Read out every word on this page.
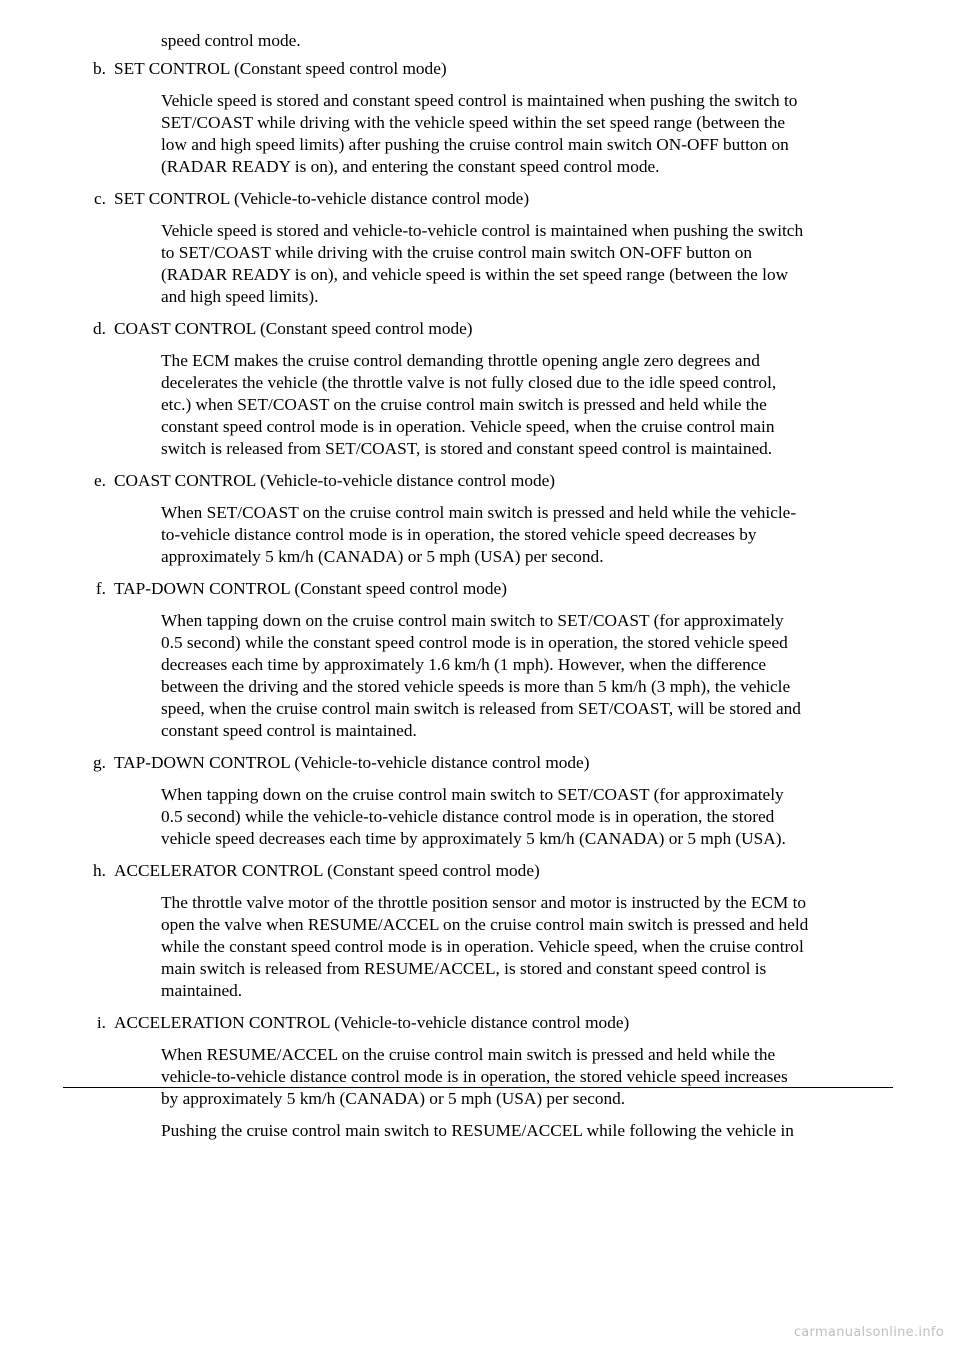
speed control mode.
b. SET CONTROL (Constant speed control mode)
Vehicle speed is stored and constant speed control is maintained when pushing the switch to
SET/COAST while driving with the vehicle speed within the set speed range (between the
low and high speed limits) after pushing the cruise control main switch ON-OFF button on
(RADAR READY is on), and entering the constant speed control mode.
c. SET CONTROL (Vehicle-to-vehicle distance control mode)
Vehicle speed is stored and vehicle-to-vehicle control is maintained when pushing the switch
to SET/COAST while driving with the cruise control main switch ON-OFF button on
(RADAR READY is on), and vehicle speed is within the set speed range (between the low
and high speed limits).
d. COAST CONTROL (Constant speed control mode)
The ECM makes the cruise control demanding throttle opening angle zero degrees and
decelerates the vehicle (the throttle valve is not fully closed due to the idle speed control,
etc.) when SET/COAST on the cruise control main switch is pressed and held while the
constant speed control mode is in operation. Vehicle speed, when the cruise control main
switch is released from SET/COAST, is stored and constant speed control is maintained.
e. COAST CONTROL (Vehicle-to-vehicle distance control mode)
When SET/COAST on the cruise control main switch is pressed and held while the vehicle-
to-vehicle distance control mode is in operation, the stored vehicle speed decreases by
approximately 5 km/h (CANADA) or 5 mph (USA) per second.
f. TAP-DOWN CONTROL (Constant speed control mode)
When tapping down on the cruise control main switch to SET/COAST (for approximately
0.5 second) while the constant speed control mode is in operation, the stored vehicle speed
decreases each time by approximately 1.6 km/h (1 mph). However, when the difference
between the driving and the stored vehicle speeds is more than 5 km/h (3 mph), the vehicle
speed, when the cruise control main switch is released from SET/COAST, will be stored and
constant speed control is maintained.
g. TAP-DOWN CONTROL (Vehicle-to-vehicle distance control mode)
When tapping down on the cruise control main switch to SET/COAST (for approximately
0.5 second) while the vehicle-to-vehicle distance control mode is in operation, the stored
vehicle speed decreases each time by approximately 5 km/h (CANADA) or 5 mph (USA).
h. ACCELERATOR CONTROL (Constant speed control mode)
The throttle valve motor of the throttle position sensor and motor is instructed by the ECM to
open the valve when RESUME/ACCEL on the cruise control main switch is pressed and held
while the constant speed control mode is in operation. Vehicle speed, when the cruise control
main switch is released from RESUME/ACCEL, is stored and constant speed control is
maintained.
i. ACCELERATION CONTROL (Vehicle-to-vehicle distance control mode)
When RESUME/ACCEL on the cruise control main switch is pressed and held while the
vehicle-to-vehicle distance control mode is in operation, the stored vehicle speed increases
by approximately 5 km/h (CANADA) or 5 mph (USA) per second.
Pushing the cruise control main switch to RESUME/ACCEL while following the vehicle in
carmanualsonline.info
